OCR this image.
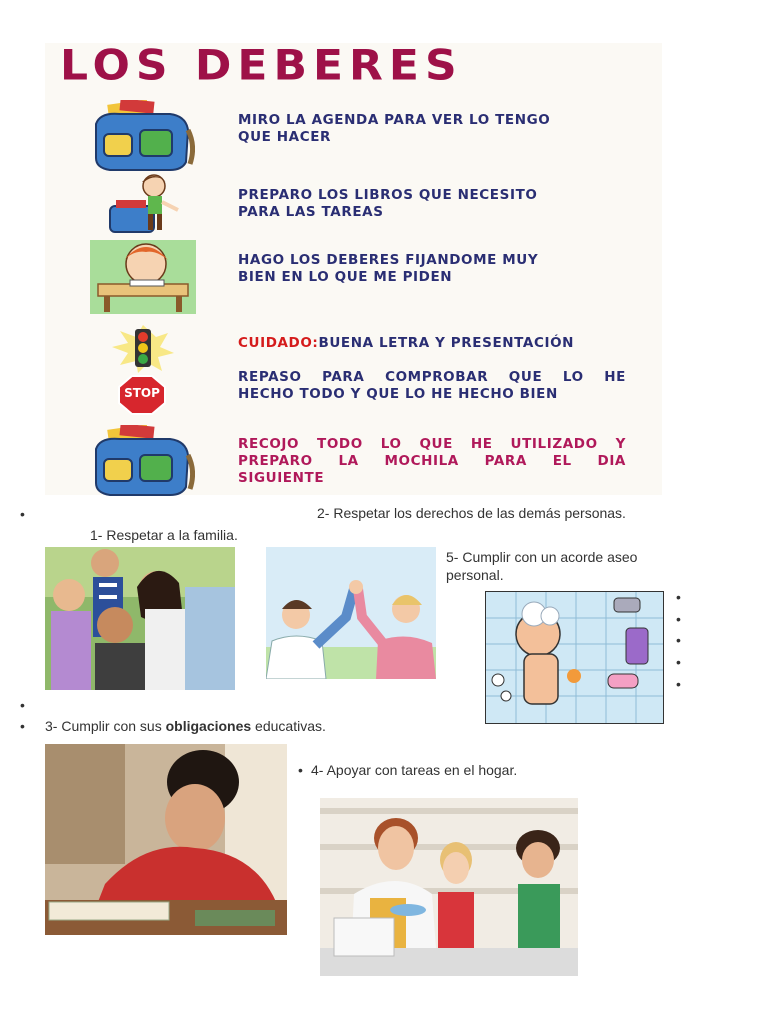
LOS DEBERES
STOP
MIRO LA AGENDA PARA VER LO TENGO
QUE HACER
PREPARO LOS LIBROS QUE NECESITO
PARA LAS TAREAS
HAGO LOS DEBERES FIJANDOME MUY
BIEN EN LO QUE ME PIDEN
CUIDADO:BUENA LETRA Y PRESENTACIÓN
REPASO PARA COMPROBAR QUE LO HE
HECHO TODO Y QUE LO HE HECHO BIEN
RECOJO TODO LO QUE HE UTILIZADO Y
PREPARO LA MOCHILA PARA EL DIA
SIGUIENTE
•
2- Respetar los derechos de las demás personas.
1- Respetar a la familia.
5- Cumplir con un acorde aseo personal.
•
•
•
•
•
•
•
3- Cumplir con sus obligaciones educativas.
•
4- Apoyar con tareas en el hogar.
